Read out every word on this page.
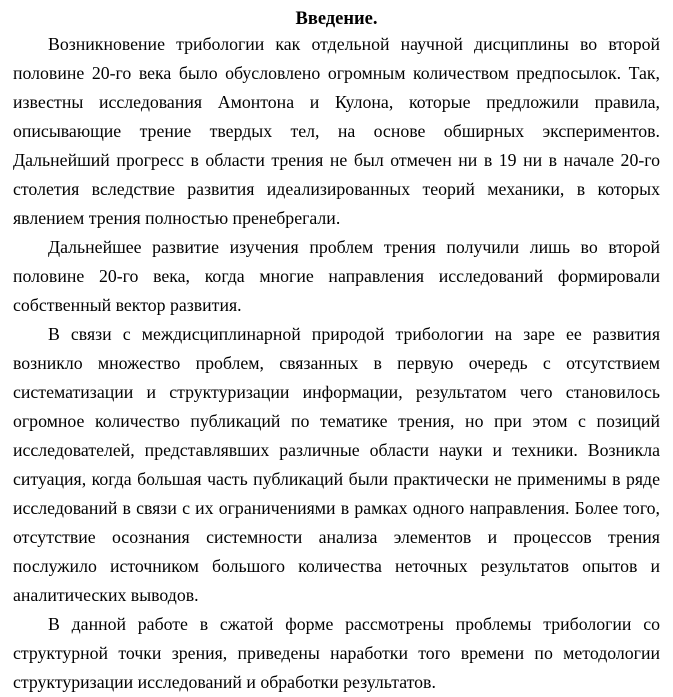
Введение.

Возникновение трибологии как отдельной научной дисциплины во второй половине 20-го века было обусловлено огромным количеством предпосылок. Так, известны исследования Амонтона и Кулона, которые предложили правила, описывающие трение твердых тел, на основе обширных экспериментов. Дальнейший прогресс в области трения не был отмечен ни в 19 ни в начале 20-го столетия вследствие развития идеализированных теорий механики, в которых явлением трения полностью пренебрегали.

Дальнейшее развитие изучения проблем трения получили лишь во второй половине 20-го века, когда многие направления исследований формировали собственный вектор развития.

В связи с междисциплинарной природой трибологии на заре ее развития возникло множество проблем, связанных в первую очередь с отсутствием систематизации и структуризации информации, результатом чего становилось огромное количество публикаций по тематике трения, но при этом с позиций исследователей, представлявших различные области науки и техники. Возникла ситуация, когда большая часть публикаций были практически не применимы в ряде исследований в связи с их ограничениями в рамках одного направления. Более того, отсутствие осознания системности анализа элементов и процессов трения послужило источником большого количества неточных результатов опытов и аналитических выводов.

В данной работе в сжатой форме рассмотрены проблемы трибологии со структурной точки зрения, приведены наработки того времени по методологии структуризации исследований и обработки результатов.
